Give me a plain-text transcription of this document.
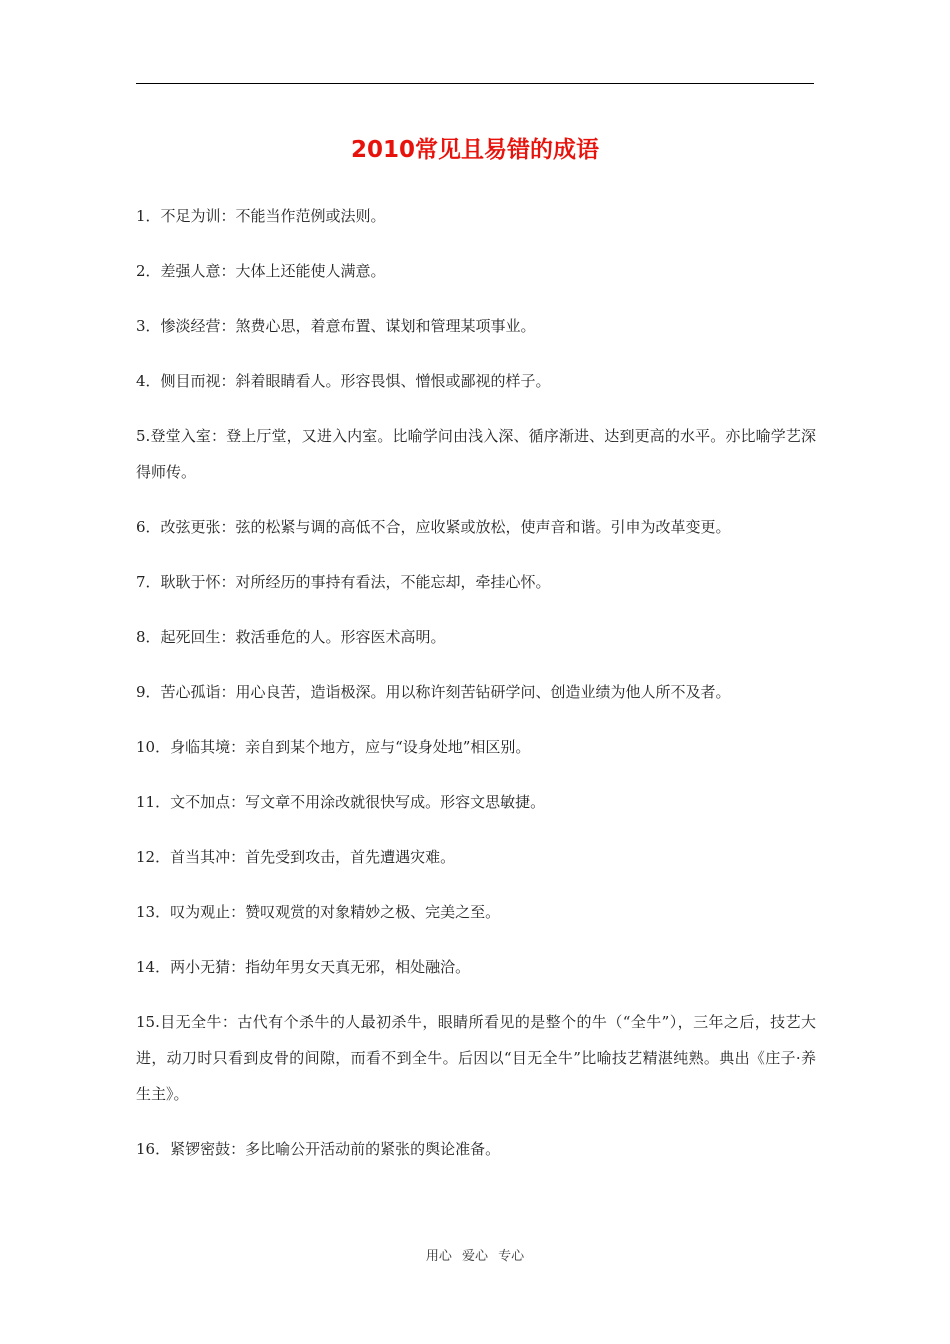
2010常见且易错的成语

1．不足为训：不能当作范例或法则。

2．差强人意：大体上还能使人满意。

3．惨淡经营：煞费心思，着意布置、谋划和管理某项事业。

4．侧目而视：斜着眼睛看人。形容畏惧、憎恨或鄙视的样子。

5.登堂入室：登上厅堂，又进入内室。比喻学问由浅入深、循序渐进、达到更高的水平。亦比喻学艺深得师传。

6．改弦更张：弦的松紧与调的高低不合，应收紧或放松，使声音和谐。引申为改革变更。

7．耿耿于怀：对所经历的事持有看法，不能忘却，牵挂心怀。

8．起死回生：救活垂危的人。形容医术高明。

9．苦心孤诣：用心良苦，造诣极深。用以称许刻苦钻研学问、创造业绩为他人所不及者。

10．身临其境：亲自到某个地方，应与“设身处地”相区别。

11．文不加点：写文章不用涂改就很快写成。形容文思敏捷。

12．首当其冲：首先受到攻击，首先遭遇灾难。

13．叹为观止：赞叹观赏的对象精妙之极、完美之至。

14．两小无猜：指幼年男女天真无邪，相处融洽。

15.目无全牛：古代有个杀牛的人最初杀牛，眼睛所看见的是整个的牛（“全牛”），三年之后，技艺大进，动刀时只看到皮骨的间隙，而看不到全牛。后因以“目无全牛”比喻技艺精湛纯熟。典出《庄子·养生主》。

16．紧锣密鼓：多比喻公开活动前的紧张的舆论准备。

用心 爱心 专心
